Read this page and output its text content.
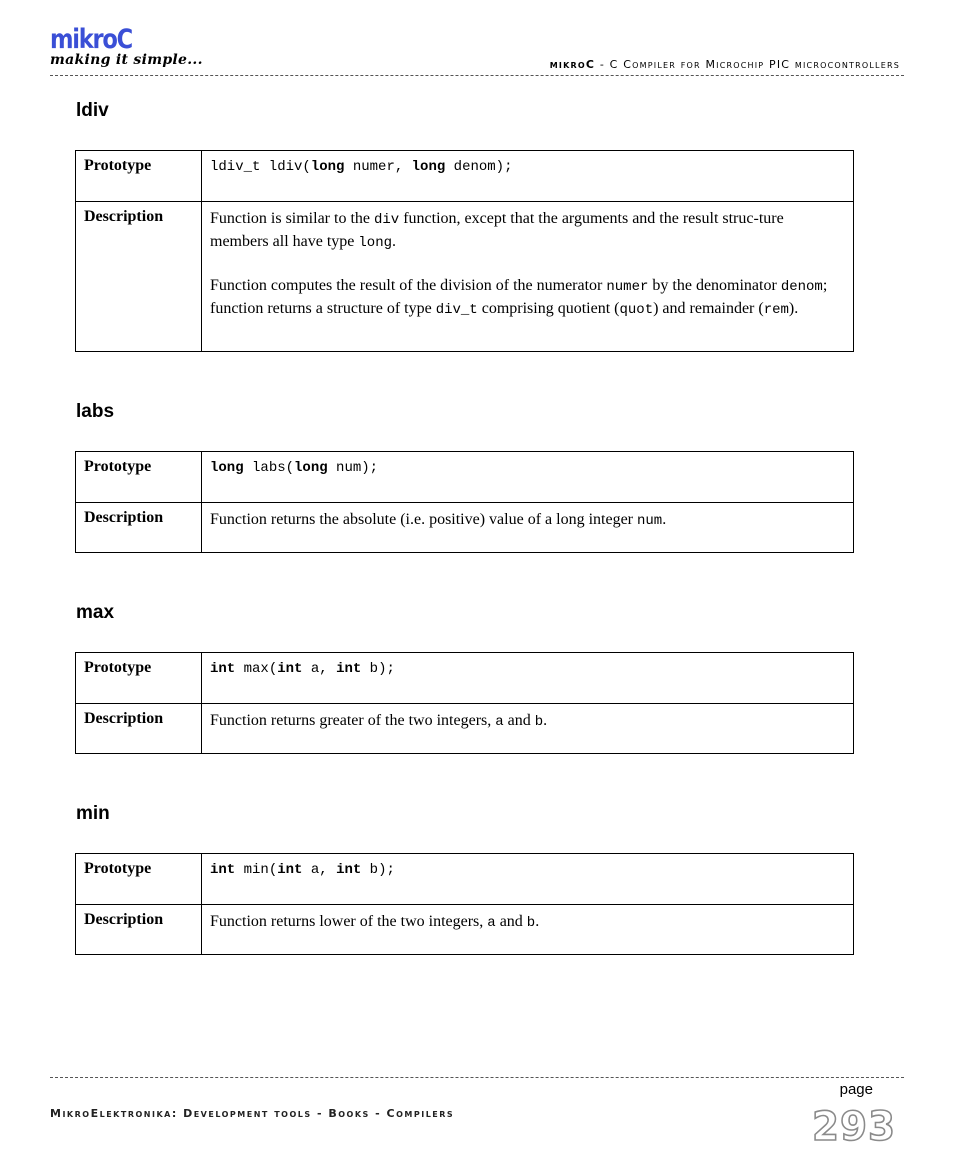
mikroC
making it simple...	mikroC - C Compiler for Microchip PIC microcontrollers
ldiv
Prototype	ldiv_t ldiv(long numer, long denom);
Description	Function is similar to the div function, except that the arguments and the result struc-ture members all have type long.

Function computes the result of the division of the numerator numer by the denominator denom; function returns a structure of type div_t comprising quotient (quot) and remainder (rem).

labs
Prototype	long labs(long num);
Description	Function returns the absolute (i.e. positive) value of a long integer num.

max
Prototype	int max(int a, int b);
Description	Function returns greater of the two integers, a and b.

min
Prototype	int min(int a, int b);
Description	Function returns lower of the two integers, a and b.

page
MikroElektronika: Development tools - Books - Compilers	293
